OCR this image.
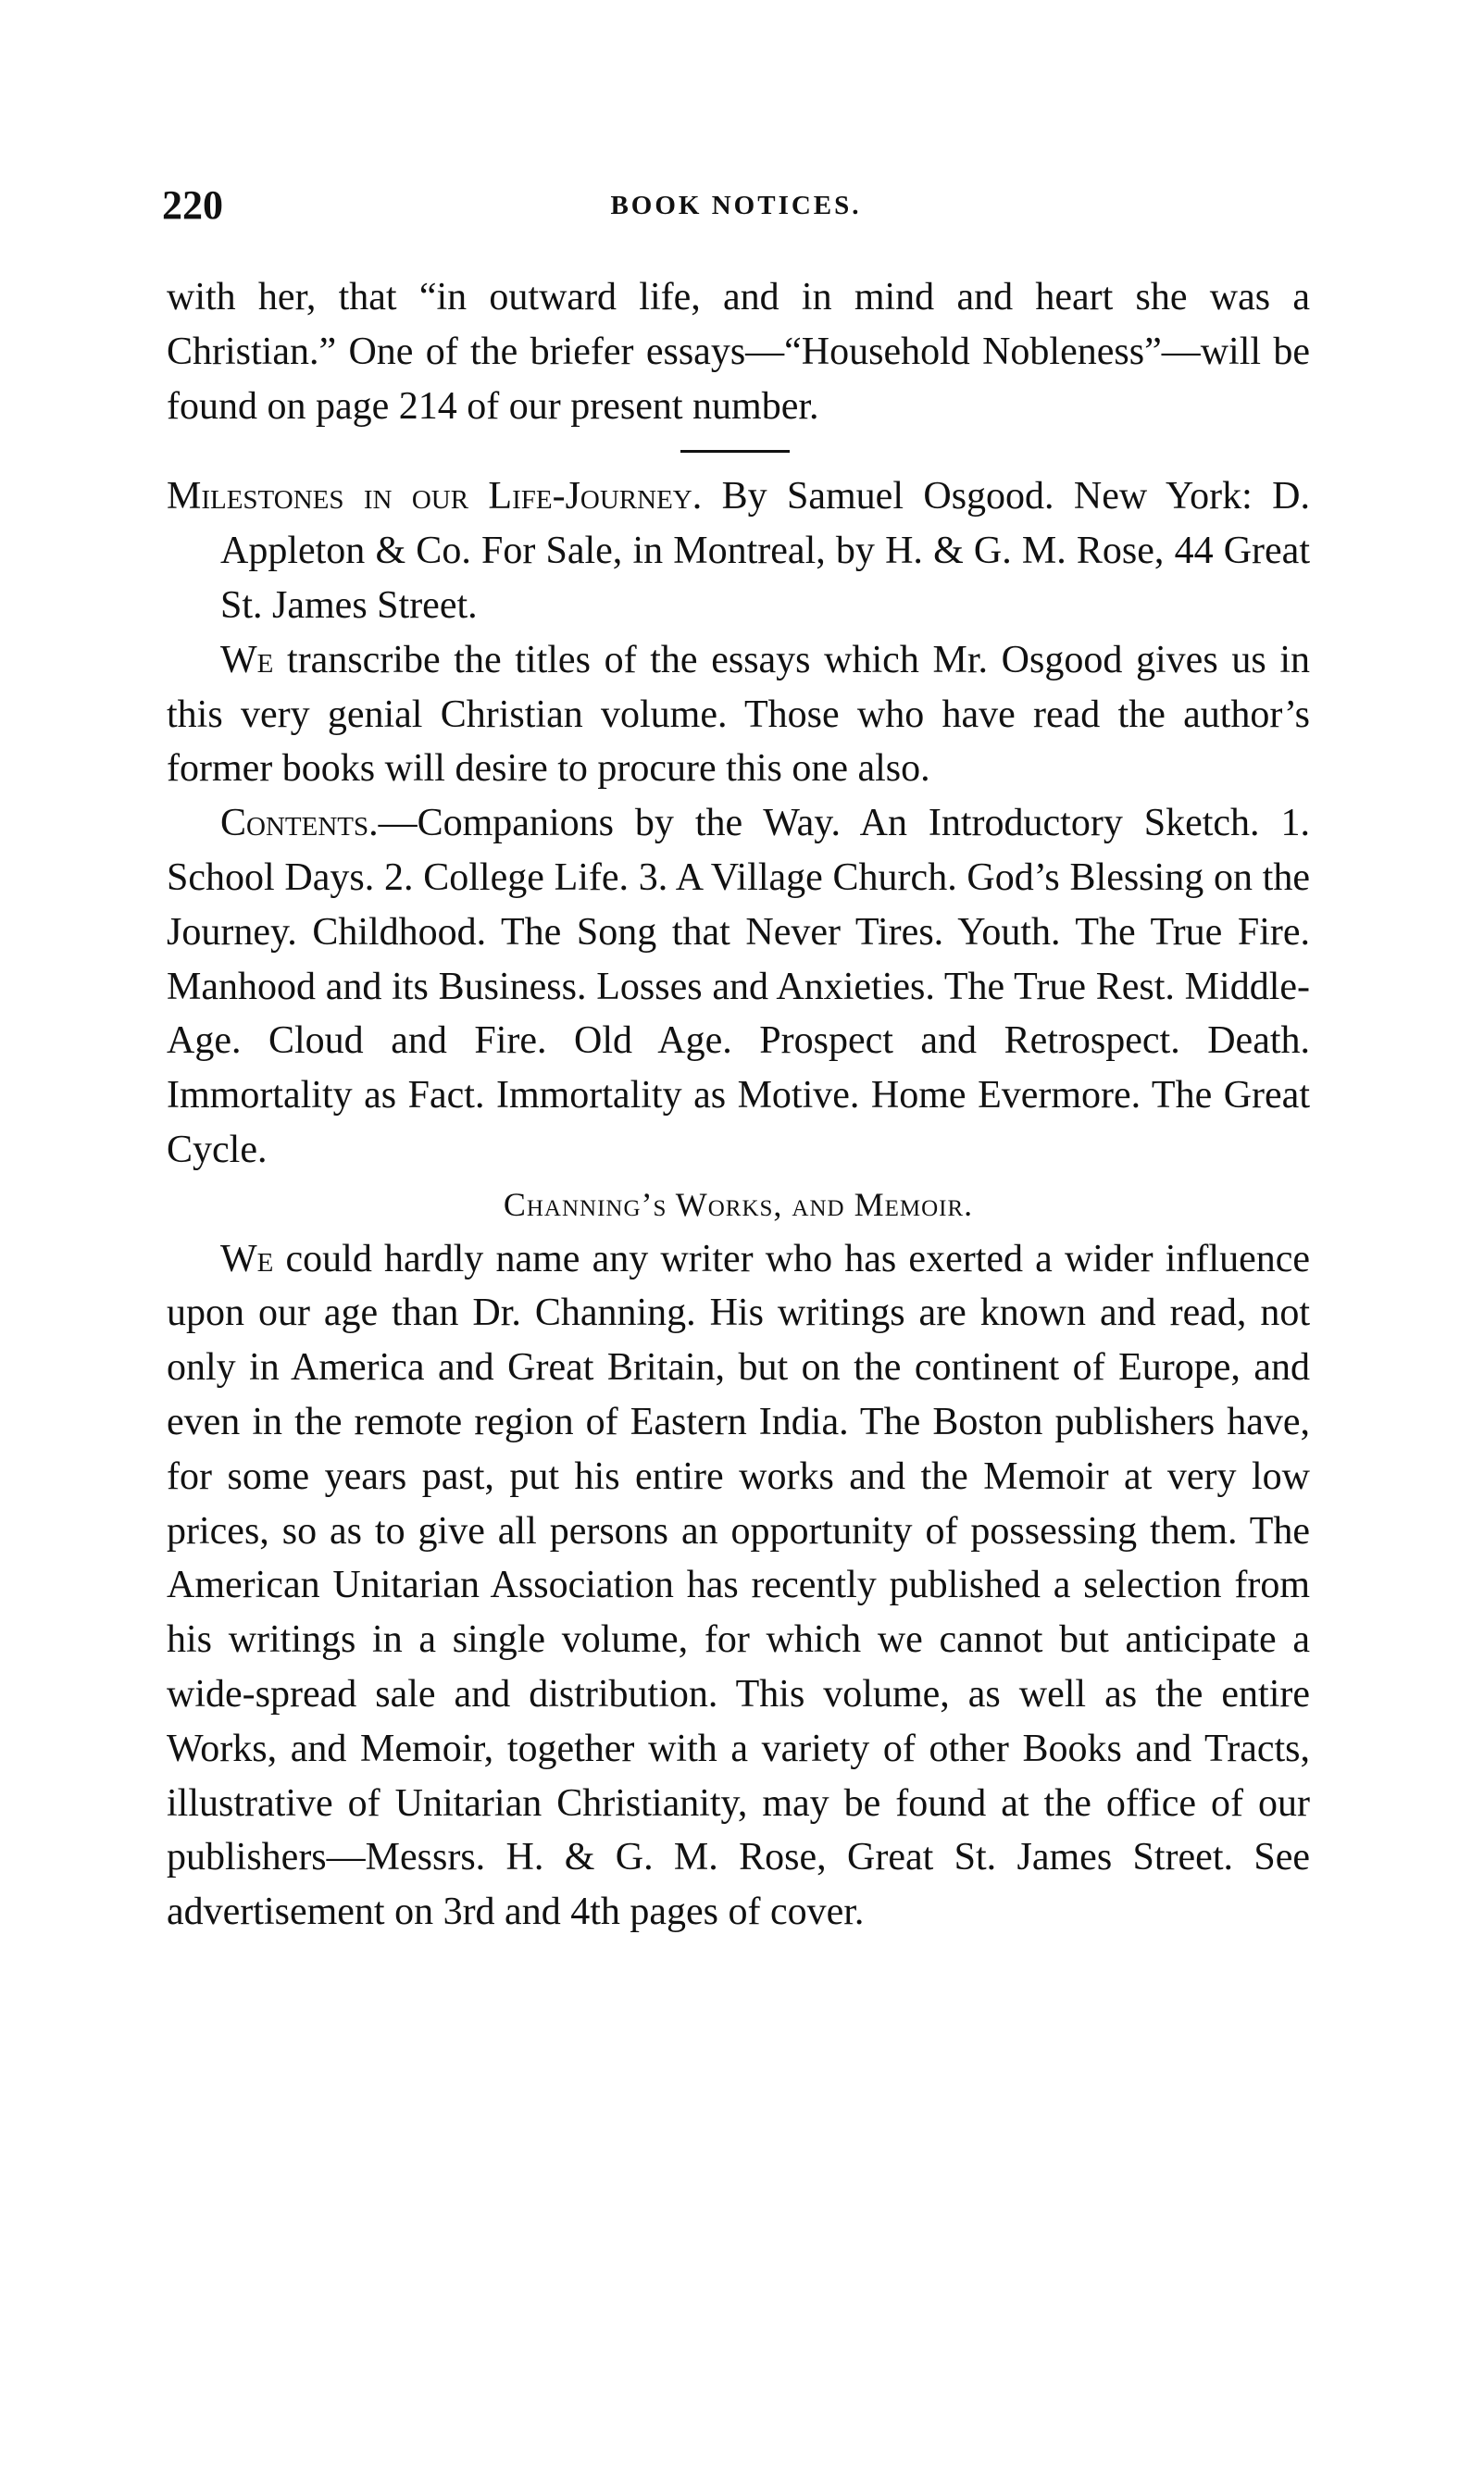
220	BOOK NOTICES.

with her, that “in outward life, and in mind and heart she was a Christian.” One of the briefer essays—“Household Nobleness”—will be found on page 214 of our present number.

Milestones in our Life-Journey. By Samuel Osgood. New York: D. Appleton & Co. For Sale, in Montreal, by H. & G. M. Rose, 44 Great St. James Street.

We transcribe the titles of the essays which Mr. Osgood gives us in this very genial Christian volume. Those who have read the author’s former books will desire to procure this one also.

Contents.—Companions by the Way. An Introductory Sketch. 1. School Days. 2. College Life. 3. A Village Church. God’s Blessing on the Journey. Childhood. The Song that Never Tires. Youth. The True Fire. Manhood and its Business. Losses and Anxieties. The True Rest. Middle-Age. Cloud and Fire. Old Age. Prospect and Retrospect. Death. Immortality as Fact. Immortality as Motive. Home Evermore. The Great Cycle.

Channing’s Works, and Memoir.

We could hardly name any writer who has exerted a wider influence upon our age than Dr. Channing. His writings are known and read, not only in America and Great Britain, but on the continent of Europe, and even in the remote region of Eastern India. The Boston publishers have, for some years past, put his entire works and the Memoir at very low prices, so as to give all persons an opportunity of possessing them. The American Unitarian Association has recently published a selection from his writings in a single volume, for which we cannot but anticipate a wide-spread sale and distribution. This volume, as well as the entire Works, and Memoir, together with a variety of other Books and Tracts, illustrative of Unitarian Christianity, may be found at the office of our publishers—Messrs. H. & G. M. Rose, Great St. James Street. See advertisement on 3rd and 4th pages of cover.
